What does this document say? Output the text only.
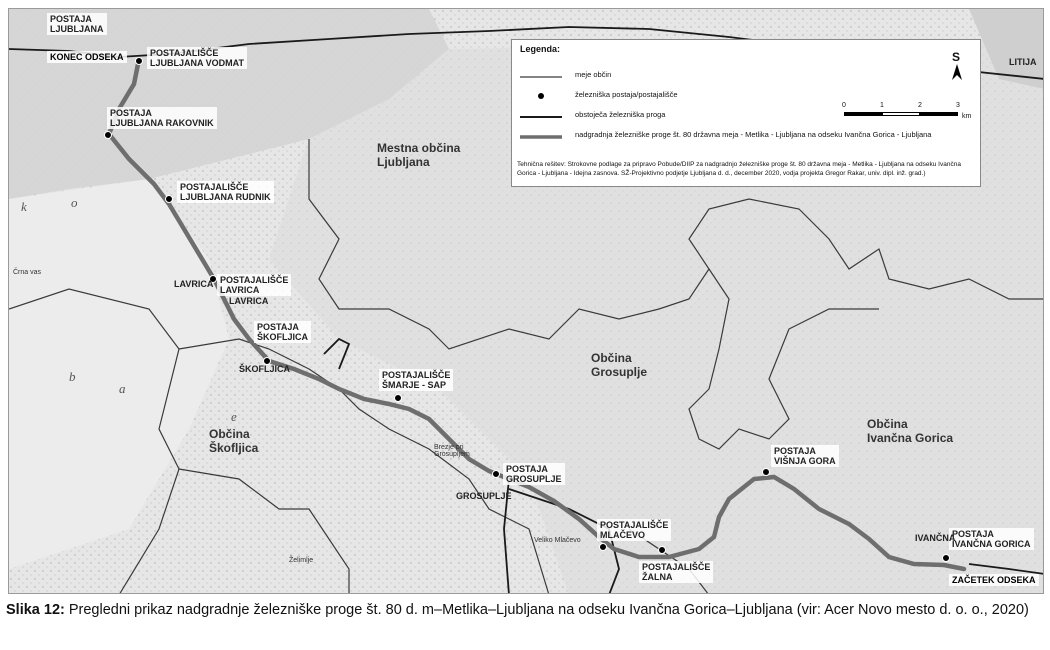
POSTAJA
LJUBLJANA
KONEC ODSEKA	POSTAJALIŠČE
LJUBLJANA VODMAT
POSTAJA
LJUBLJANA RAKOVNIK
POSTAJALIŠČE
LJUBLJANA RUDNIK
POSTAJALIŠČE
LAVRICA
POSTAJA
ŠKOFLJICA
POSTAJALIŠČE
ŠMARJE - SAP
POSTAJA
GROSUPLJE
POSTAJALIŠČE
MLAČEVO
POSTAJALIŠČE
ŽALNA
POSTAJA
VIŠNJA GORA
POSTAJA
IVANČNA GORICA
ZAČETEK ODSEKA
LAVRICA
LAVRICA
ŠKOFLJICA
GROSUPLJE
IVANČNA
LITIJA
Mestna občina
Ljubljana
Občina
Grosuplje
Občina
Ivančna Gorica
Občina
Škofljica
k	o
b
a
e
Črna vas
Brezje pri
Grosupljem
Veliko Mlačevo
Želimlje
Legenda:
S
meje občin
železniška postaja/postajališče
obstoječa železniška proga
nadgradnja železniške proge št. 80 državna meja - Metlika - Ljubljana na odseku Ivančna Gorica - Ljubljana
0	1	2	3
km
Tehnična rešitev: Strokovne podlage za pripravo Pobude/DIIP za nadgradnjo železniške proge št. 80 državna meja - Metlika - Ljubljana na odseku Ivančna Gorica - Ljubljana - Idejna zasnova. SŽ-Projektivno podjetje Ljubljana d. d., december 2020, vodja projekta Gregor Rakar, univ. dipl. inž. grad.)
Slika 12: Pregledni prikaz nadgradnje železniške proge št. 80 d. m–Metlika–Ljubljana na odseku Ivančna Gorica–Ljubljana (vir: Acer Novo mesto d. o. o., 2020)
